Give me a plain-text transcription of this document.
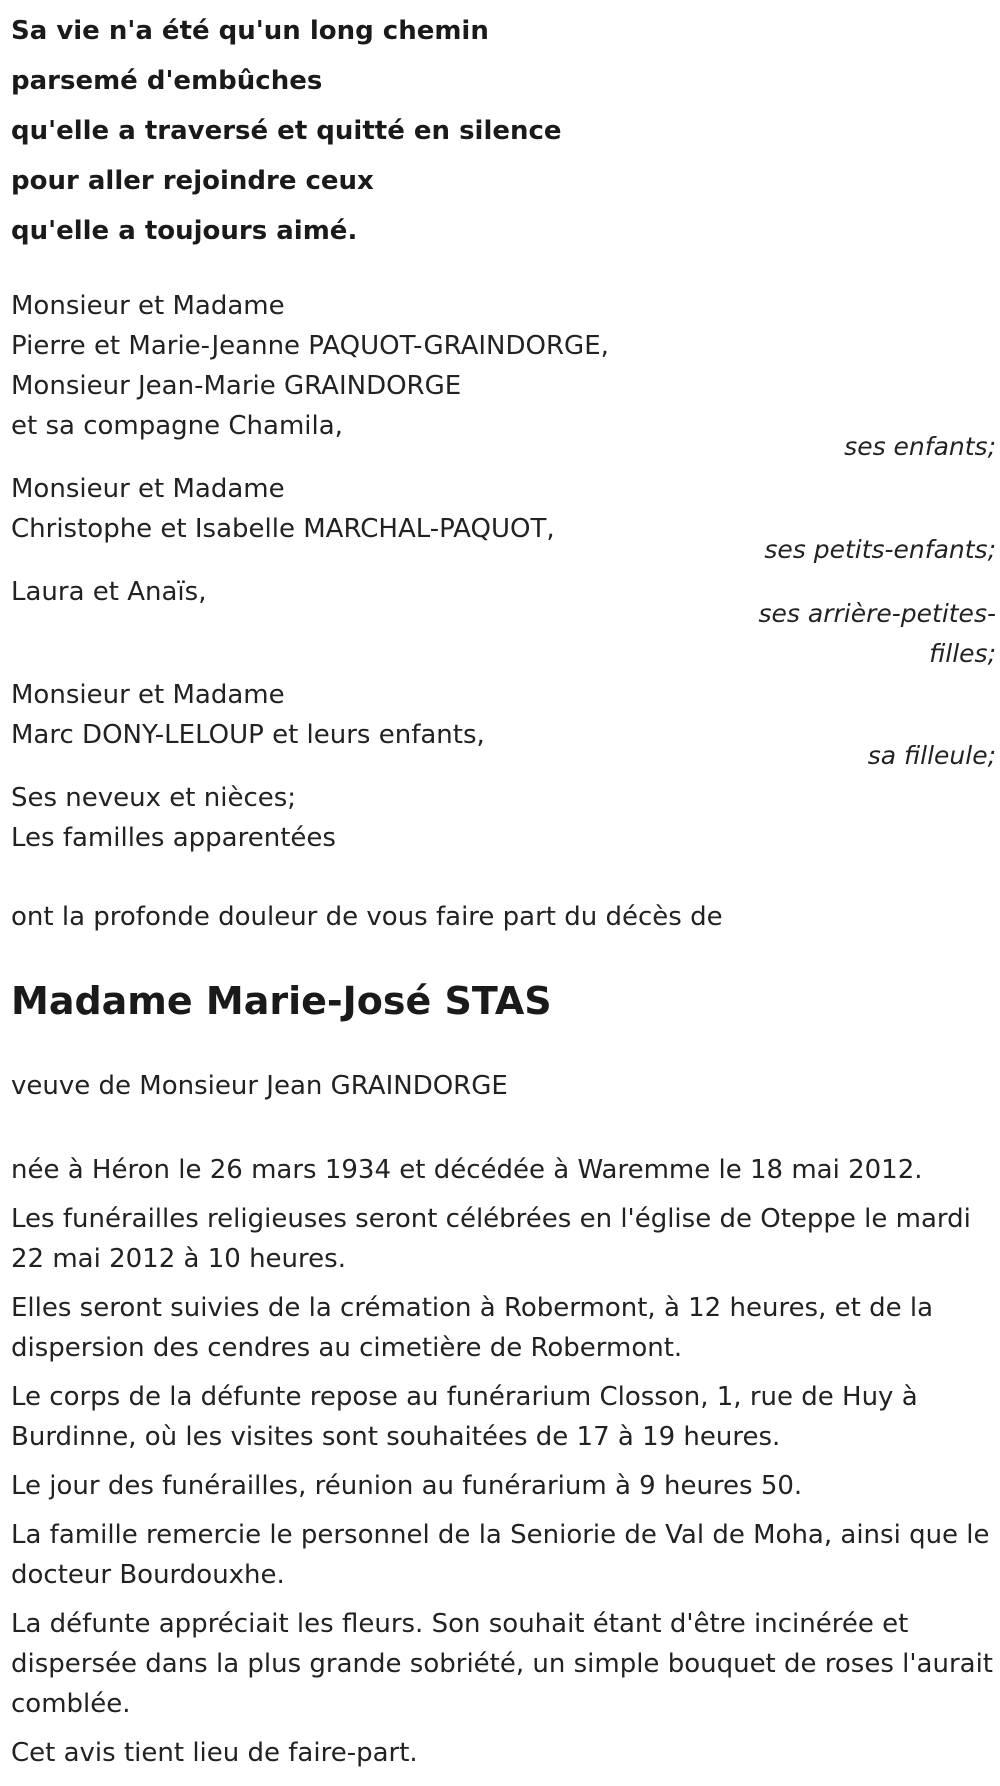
Sa vie n'a été qu'un long chemin
parsemé d'embûches
qu'elle a traversé et quitté en silence
pour aller rejoindre ceux
qu'elle a toujours aimé.
Monsieur et Madame
Pierre et Marie-Jeanne PAQUOT-GRAINDORGE,
Monsieur Jean-Marie GRAINDORGE
et sa compagne Chamila,
ses enfants;
Monsieur et Madame
Christophe et Isabelle MARCHAL-PAQUOT,
ses petits-enfants;
Laura et Anaïs,
ses arrière-petites-
filles;
Monsieur et Madame
Marc DONY-LELOUP et leurs enfants,
sa filleule;
Ses neveux et nièces;
Les familles apparentées
ont la profonde douleur de vous faire part du décès de
Madame Marie-José STAS
veuve de Monsieur Jean GRAINDORGE

née à Héron le 26 mars 1934 et décédée à Waremme le 18 mai 2012.

Les funérailles religieuses seront célébrées en l'église de Oteppe le mardi 22 mai 2012 à 10 heures.

Elles seront suivies de la crémation à Robermont, à 12 heures, et de la dispersion des cendres au cimetière de Robermont.

Le corps de la défunte repose au funérarium Closson, 1, rue de Huy à Burdinne, où les visites sont souhaitées de 17 à 19 heures.

Le jour des funérailles, réunion au funérarium à 9 heures 50.

La famille remercie le personnel de la Seniorie de Val de Moha, ainsi que le docteur Bourdouxhe.

La défunte appréciait les fleurs. Son souhait étant d'être incinérée et dispersée dans la plus grande sobriété, un simple bouquet de roses l'aurait comblée.

Cet avis tient lieu de faire-part.
